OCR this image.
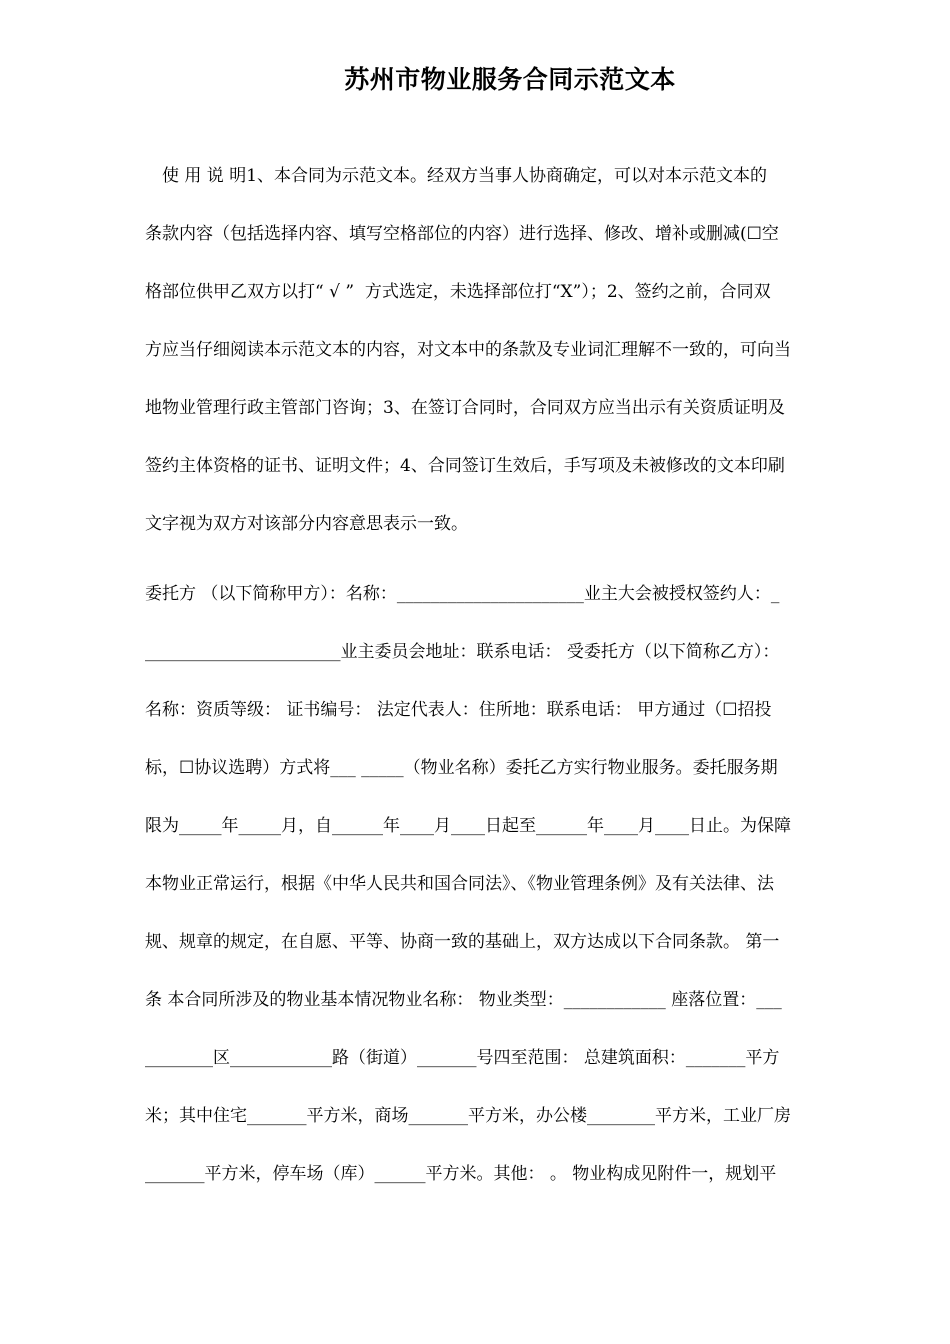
苏州市物业服务合同示范文本
　使 用 说 明1、本合同为示范文本。经双方当事人协商确定，可以对本示范文本的
条款内容（包括选择内容、填写空格部位的内容）进行选择、修改、增补或删减(☐空
格部位供甲乙双方以打“ √ ”  方式选定，未选择部位打“X”）；2、签约之前，合同双
方应当仔细阅读本示范文本的内容，对文本中的条款及专业词汇理解不一致的，可向当
地物业管理行政主管部门咨询；3、在签订合同时，合同双方应当出示有关资质证明及
签约主体资格的证书、证明文件；4、合同签订生效后，手写项及未被修改的文本印刷
文字视为双方对该部分内容意思表示一致。
委托方 （以下简称甲方）：名称：______________________业主大会被授权签约人：_
_______________________业主委员会地址：联系电话： 受委托方（以下简称乙方）：
名称：资质等级： 证书编号： 法定代表人：住所地：联系电话： 甲方通过（☐招投
标，☐协议选聘）方式将___ _____（物业名称）委托乙方实行物业服务。委托服务期
限为_____年_____月，自______年____月____日起至______年____月____日止。为保障
本物业正常运行，根据《中华人民共和国合同法》、《物业管理条例》及有关法律、法
规、规章的规定，在自愿、平等、协商一致的基础上，双方达成以下合同条款。 第一
条 本合同所涉及的物业基本情况物业名称： 物业类型：____________ 座落位置：___
________区____________路（街道）_______号四至范围： 总建筑面积：_______平方
米；其中住宅_______平方米，商场_______平方米，办公楼________平方米，工业厂房
_______平方米，停车场（库）______平方米。其他： 。 物业构成见附件一，规划平
